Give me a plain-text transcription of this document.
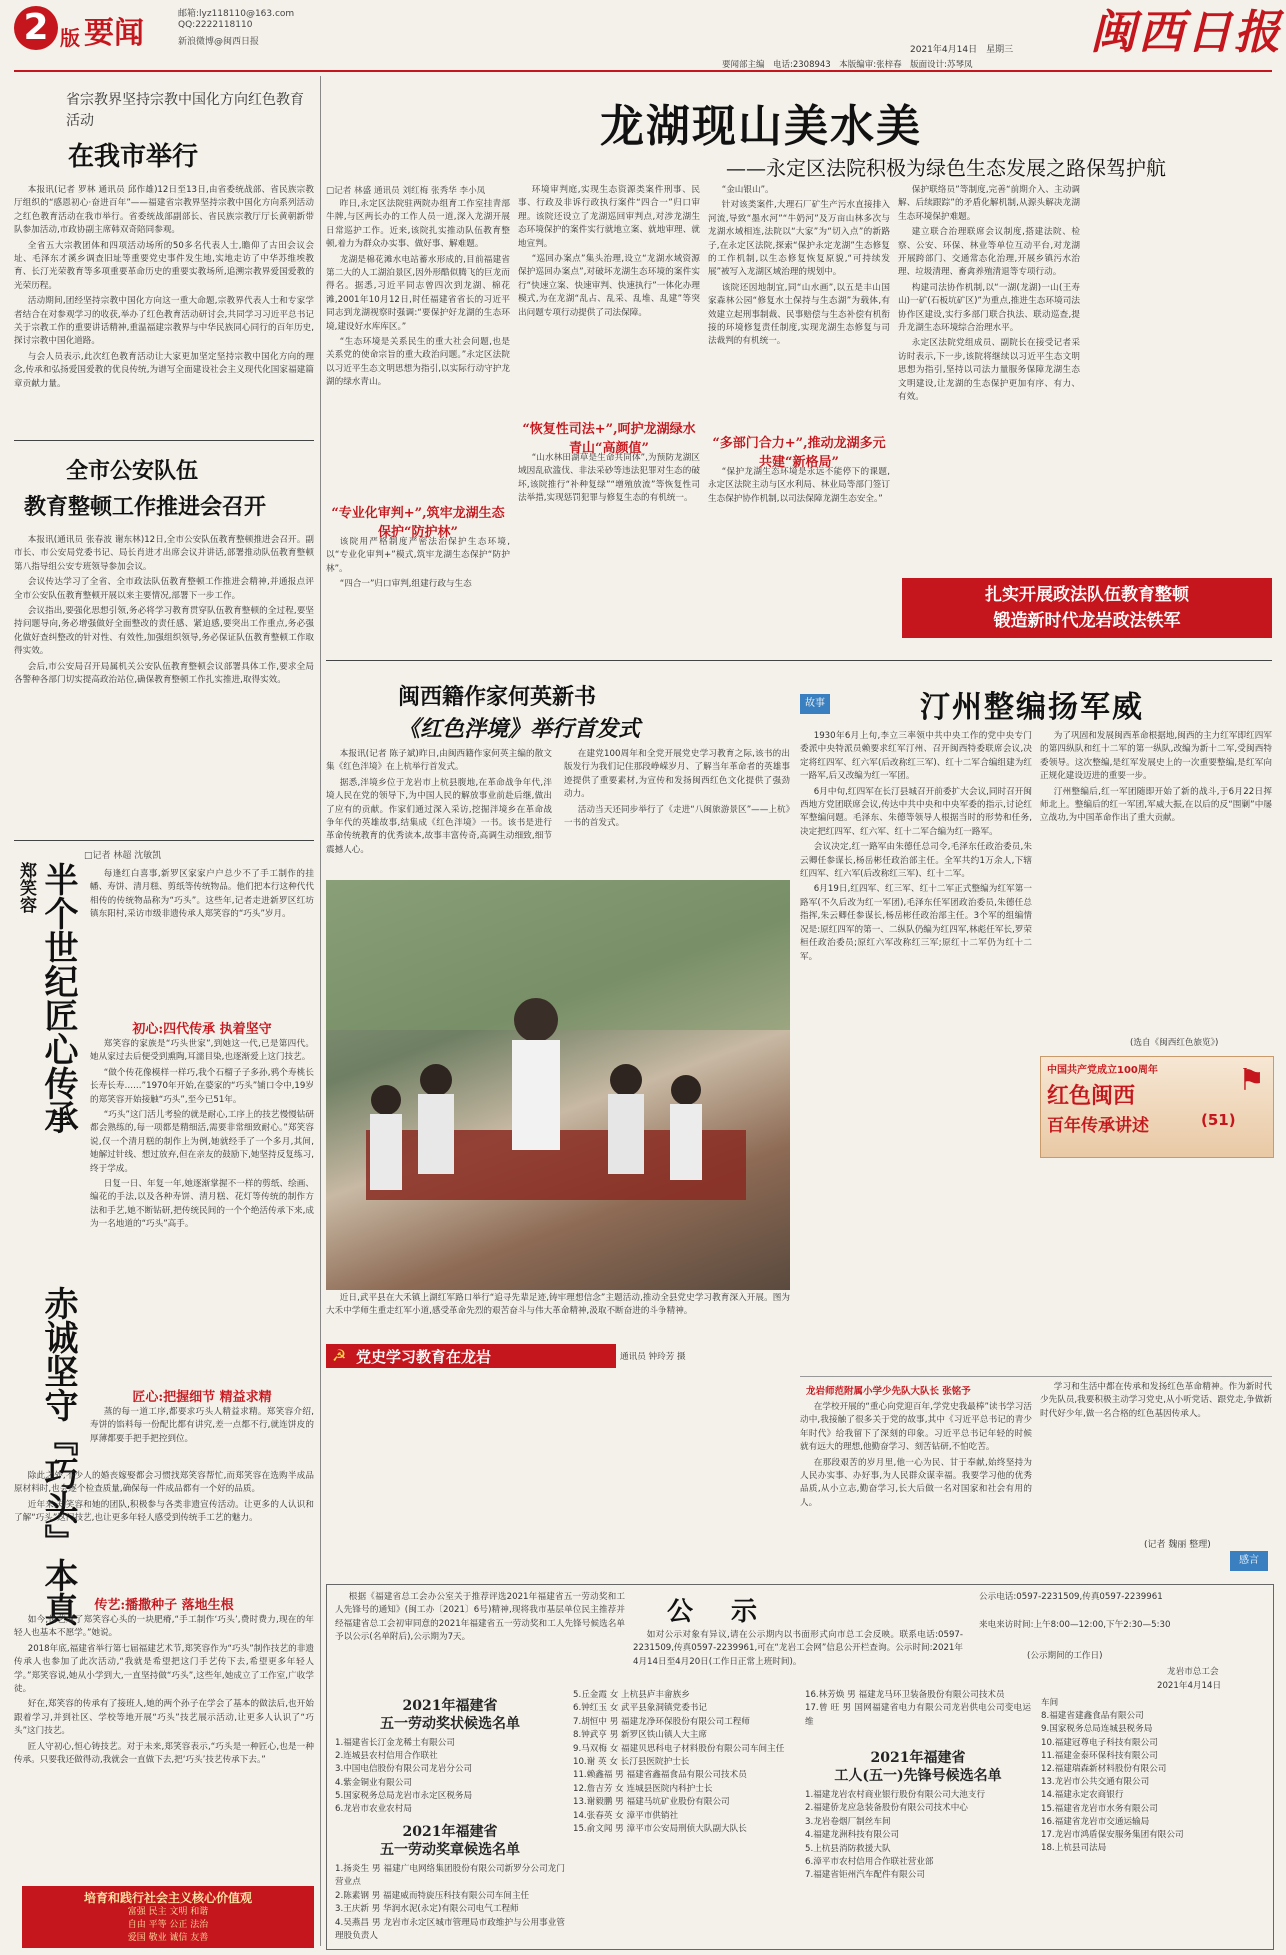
2 版 要闻
邮箱:lyz118110@163.com
QQ:2222118110
新浪微博@闽西日报
2021年4月14日　星期三
要闻部主编　电话:2308943　本版编审:张梓春　版面设计:苏琴凤
闽西日报
省宗教界坚持宗教中国化方向红色教育活动
在我市举行

本报讯(记者 罗林 通讯员 邱作雄)12日至13日,由省委统战部、省民族宗教厅组织的“感恩初心·奋进百年”——福建省宗教界坚持宗教中国化方向系列活动之红色教育活动在我市举行。省委统战部副部长、省民族宗教厅厅长黄朝新带队参加活动,市政协副主席韩双奇陪同参观。

全省五大宗教团体和四项活动场所的50多名代表人士,瞻仰了古田会议会址、毛泽东才溪乡调查旧址等重要党史事件发生地,实地走访了中华苏维埃教育、长汀光荣教育等多项重要革命历史的重要实教场所,追溯宗教界爱国爱教的光荣历程。

活动期间,团经坚持宗教中国化方向这一重大命题,宗教界代表人士和专家学者结合在对参观学习的收获,举办了红色教育活动研讨会,共同学习习近平总书记关于宗教工作的重要讲话精神,重温福建宗教界与中华民族同心同行的百年历史,探讨宗教中国化道路。

与会人员表示,此次红色教育活动让大家更加坚定坚持宗教中国化方向的理念,传承和弘扬爱国爱教的优良传统,为谱写全面建设社会主义现代化国家福建篇章贡献力量。

全市公安队伍
教育整顿工作推进会召开

本报讯(通讯员 张春波 谢东林)12日,全市公安队伍教育整顿推进会召开。副市长、市公安局党委书记、局长肖进才出席会议并讲话,部署推动队伍教育整顿第八指导组公安专班领导参加会议。

会议传达学习了全省、全市政法队伍教育整顿工作推进会精神,并通报点评全市公安队伍教育整顿开展以来主要情况,部署下一步工作。

会议指出,要强化思想引领,务必将学习教育贯穿队伍教育整顿的全过程,要坚持问题导向,务必增强做好全面整改的责任感、紧迫感,要突出工作重点,务必强化做好查纠整改的针对性、有效性,加强组织领导,务必保证队伍教育整顿工作取得实效。

会后,市公安局召开局属机关公安队伍教育整顿会议部署具体工作,要求全局各警种各部门切实提高政治站位,确保教育整顿工作扎实推进,取得实效。

□记者 林超 沈敏凯
郑笑容 半个世纪匠心传承
赤诚坚守『巧头』本真

每逢红白喜事,新罗区家家户户总少不了手工制作的挂幡、寿饼、清月糕、剪纸等传统物品。他们把本行这种代代相传的传统物品称为“巧头”。这些年,记者走进新罗区红坊镇东阳村,采访市级非遗传承人郑笑容的“巧头”岁月。

初心:四代传承 执着坚守

郑笑容的家族是“巧头世家”,到她这一代,已是第四代。她从家过去后便受到熏陶,耳濡目染,也逐渐爱上这门技艺。

“做个传花像模样一样巧,我个石榴子子多孙,鸦个寿桃长长寿长寿……”1970年开始,在婆家的“巧头”铺口令中,19岁的郑笑容开始接触“巧头”,至今已51年。

“巧头”这门活儿考验的就是耐心,工序上的技艺慢慢钻研都会熟练的,每一项都是精细活,需要非常细致耐心。”郑笑容说,仅一个清月糕的制作上为例,她就经手了一个多月,其间,她解过针线、想过放弃,但在亲友的鼓励下,她坚持反复练习,终于学成。

日复一日、年复一年,她逐渐掌握不一样的剪纸、绘画、编花的手法,以及各种寿饼、清月糕、花灯等传统的制作方法和手艺,她不断钻研,把传统民间的一个个绝活传承下来,成为一名地道的“巧头”高手。

匠心:把握细节 精益求精

蒸的每一道工序,都要求巧头人精益求精。郑笑容介绍,寿饼的馅料每一份配比都有讲究,差一点都不行,就连饼皮的厚薄都要手把手把控到位。

除此之外,不少人的婚丧嫁娶都会习惯找郑笑容帮忙,而郑笑容在选购半成品原材料时,也会逐个检查质量,确保每一件成品都有一个好的品质。

近年来,郑笑容和她的团队,积极参与各类非遗宣传活动。让更多的人认识和了解“巧头”这门技艺,也让更多年轻人感受到传统手工艺的魅力。

传艺:播撒种子 落地生根

如今,传艺成了郑笑容心头的一块肥瘠,“手工制作‘巧头’,费时费力,现在的年轻人也基本不愿学。”她说。

2018年底,福建省举行第七届福建艺术节,郑笑容作为“巧头”制作技艺的非遗传承人也参加了此次活动,“我就是希望把这门手艺传下去,希望更多年轻人学。”郑笑容说,她从小学到大,一直坚持做“巧头”,这些年,她成立了工作室,广收学徒。

好在,郑笑容的传承有了接班人,她的两个孙子在学会了基本的做法后,也开始跟着学习,并到社区、学校等地开展“巧头”技艺展示活动,让更多人认识了“巧头”这门技艺。

匠人守初心,恒心铸技艺。对于未来,郑笑容表示,“巧头是一种匠心,也是一种传承。只要我还做得动,我就会一直做下去,把‘巧头’技艺传承下去。”

培育和践行社会主义核心价值观
富强 民主 文明 和谐
自由 平等 公正 法治
爱国 敬业 诚信 友善
龙湖现山美水美
——永定区法院积极为绿色生态发展之路保驾护航
□记者 林盛 通讯员 刘红梅 张秀华 李小凤

昨日,永定区法院驻两院办组育工作室挂青部牛牌,与区两长办的工作人员一道,深入龙湖开展日常巡护工作。近来,该院扎实推动队伍教育整顿,着力为群众办实事、做好事、解难题。

龙湖是棉花滩水电站蓄水形成的,目前福建省第二大的人工湖泊景区,因外形酷似腾飞的巨龙而得名。据悉,习近平同志曾四次到龙湖、棉花滩,2001年10月12日,时任福建省省长的习近平同志到龙湖视察时强调:“要保护好龙湖的生态环境,建设好水库库区。”

“生态环境是关系民生的重大社会问题,也是关系党的使命宗旨的重大政治问题。”永定区法院以习近平生态文明思想为指引,以实际行动守护龙湖的绿水青山。

“专业化审判+”,筑牢龙湖生态保护“防护林”

该院用严格制度严密法治保护生态环境,以“专业化审判+”模式,筑牢龙湖生态保护“防护林”。

“四合一”归口审判,组建行政与生态

环境审判庭,实现生态资源类案件刑事、民事、行政及非诉行政执行案件“四合一”归口审理。该院还设立了龙湖巡回审判点,对涉龙湖生态环境保护的案件实行就地立案、就地审理、就地宣判。

“巡回办案点”集头治理,设立“龙湖水域资源保护巡回办案点”,对破坏龙湖生态环境的案件实行“快速立案、快速审判、快速执行”一体化办理模式,为在龙湖“乱占、乱采、乱堆、乱建”等突出问题专项行动提供了司法保障。

“恢复性司法+”,呵护龙湖绿水青山“高颜值”

“山水林田湖草是生命共同体”,为预防龙湖区域因乱砍滥伐、非法采砂等违法犯罪对生态的破坏,该院推行“补种复绿”“增殖放流”等恢复性司法举措,实现惩罚犯罪与修复生态的有机统一。

“金山银山”。

针对该类案件,大理石厂矿生产污水直接排入河流,导致“墨水河”“牛奶河”及万亩山林多次与龙湖水域相连,法院以“大家”为“切入点”的新路子,在永定区法院,探索“保护永定龙湖”生态修复的工作机制,以生态修复恢复原貌,“可持续发展”被写入龙湖区域治理的规划中。

该院还因地制宜,同“山水画”,以五是丰山国家森林公园“修复水土保持与生态湖”为载体,有效建立起刑事制裁、民事赔偿与生态补偿有机衔接的环境修复责任制度,实现龙湖生态修复与司法裁判的有机统一。

“多部门合力+”,推动龙湖多元共建“新格局”

“保护龙湖生态环境是永远不能停下的课题,永定区法院主动与区水利局、林业局等部门签订生态保护协作机制,以司法保障龙湖生态安全。”

保护联络员”等制度,完善“前期介入、主动调解、后续跟踪”的矛盾化解机制,从源头解决龙湖生态环境保护难题。

建立联合治理联席会议制度,搭建法院、检察、公安、环保、林业等单位互动平台,对龙湖开展跨部门、交通常态化治理,开展乡镇污水治理、垃圾清理、畜禽养殖清退等专项行动。

构建司法协作机制,以“一湖(龙湖)一山(王寿山)一矿(石板坑矿区)”为重点,推进生态环境司法协作区建设,实行多部门联合执法、联动巡查,提升龙湖生态环境综合治理水平。

永定区法院党组成员、副院长在接受记者采访时表示,下一步,该院将继续以习近平生态文明思想为指引,坚持以司法力量服务保障龙湖生态文明建设,让龙湖的生态保护更加有序、有力、有效。

扎实开展政法队伍教育整顿
锻造新时代龙岩政法铁军
闽西籍作家何英新书
《红色泮境》举行首发式

本报讯(记者 陈子斌)昨日,由闽西籍作家何英主编的散文集《红色泮境》在上杭举行首发式。

据悉,泮境乡位于龙岩市上杭县腹地,在革命战争年代,泮境人民在党的领导下,为中国人民的解放事业前赴后继,做出了应有的贡献。作家们通过深入采访,挖掘泮境乡在革命战争年代的英雄故事,结集成《红色泮境》一书。该书是进行革命传统教育的优秀读本,故事丰富传奇,高调生动细致,细节震撼人心。

在建党100周年和全党开展党史学习教育之际,该书的出版发行为我们记住那段峥嵘岁月、了解当年革命者的英雄事迹提供了重要素材,为宣传和发扬闽西红色文化提供了强劲动力。

活动当天还同步举行了《走进“八闽旅游景区”——上杭》一书的首发式。

近日,武平县在大禾镇上湖红军路口举行“追寻先辈足迹,铸牢理想信念”主题活动,推动全县党史学习教育深入开展。图为大禾中学师生重走红军小道,感受革命先烈的艰苦奋斗与伟大革命精神,汲取不断奋进的斗争精神。
通讯员 钟玲芳 摄
☭ 党史学习教育在龙岩
故事	汀州整编扬军威

1930年6月上旬,李立三率领中共中央工作的党中央专门委派中央特派员赖要求红军汀州、召开闽西特委联席会议,决定将红四军、红六军(后改称红三军)、红十二军合编组建为红一路军,后又改编为红一军团。

6月中旬,红四军在长汀县城召开前委扩大会议,同时召开闽西地方党团联席会议,传达中共中央和中央军委的指示,讨论红军整编问题。毛泽东、朱德等领导人根据当时的形势和任务,决定把红四军、红六军、红十二军合编为红一路军。

会议决定,红一路军由朱德任总司令,毛泽东任政治委员,朱云卿任参谋长,杨岳彬任政治部主任。全军共约1万余人,下辖红四军、红六军(后改称红三军)、红十二军。

6月19日,红四军、红三军、红十二军正式整编为红军第一路军(不久后改为红一军团),毛泽东任军团政治委员,朱德任总指挥,朱云卿任参谋长,杨岳彬任政治部主任。3个军的组编情况是:原红四军的第一、二纵队仍编为红四军,林彪任军长,罗荣桓任政治委员;原红六军改称红三军;原红十二军仍为红十二军。

为了巩固和发展闽西革命根据地,闽西的主力红军即红四军的第四纵队和红十二军的第一纵队,改编为新十二军,受闽西特委领导。这次整编,是红军发展史上的一次重要整编,是红军向正规化建设迈进的重要一步。

汀州整编后,红一军团随即开始了新的战斗,于6月22日挥师北上。整编后的红一军团,军威大振,在以后的反“围剿”中屡立战功,为中国革命作出了重大贡献。

(选自《闽西红色旅览》)
中国共产党成立100周年
红色闽西
百年传承讲述	(51)
⚑
龙岩师范附属小学少先队大队长 张铭予

在学校开展的“重心向党迎百年,学党史我最棒”读书学习活动中,我接触了很多关于党的故事,其中《习近平总书记的青少年时代》给我留下了深刻的印象。习近平总书记年轻的时候就有远大的理想,他勤奋学习、刻苦钻研,不怕吃苦。

在那段艰苦的岁月里,他一心为民、甘于奉献,始终坚持为人民办实事、办好事,为人民群众谋幸福。我要学习他的优秀品质,从小立志,勤奋学习,长大后做一名对国家和社会有用的人。

学习和生活中都在传承和发扬红色革命精神。作为新时代少先队员,我要积极主动学习党史,从小听党话、跟党走,争做新时代好少年,做一名合格的红色基因传承人。

(记者 魏丽 整理)
感言
公　示

根据《福建省总工会办公室关于推荐评选2021年福建省五一劳动奖和工人先锋号的通知》(闽工办〔2021〕6号)精神,现将我市基层单位民主推荐并经福建省总工会初审同意的2021年福建省五一劳动奖和工人先锋号候选名单予以公示(名单附后),公示期为7天。	如对公示对象有异议,请在公示期内以书面形式向市总工会反映。联系电话:0597-2231509,传真0597-2239961,可在“龙岩工会网”信息公开栏查询。公示时间:2021年4月14日至4月20日(工作日正常上班时间)。

公示电话:0597-2231509,传真0597-2239961
来电来访时间:上午8:00—12:00,下午2:30—5:30
(公示期间的工作日)
龙岩市总工会
2021年4月14日
2021年福建省
五一劳动奖状候选名单
1.福建省长汀金龙稀土有限公司
2.连城县农村信用合作联社
3.中国电信股份有限公司龙岩分公司
4.紫金铜业有限公司
5.国家税务总局龙岩市永定区税务局
6.龙岩市农业农村局
2021年福建省
五一劳动奖章候选名单
1.扬炎生 男 福建广电网络集团股份有限公司新罗分公司龙门营业点
2.陈素钢 男 福建威而特旋压科技有限公司车间主任
3.王庆新 男 华润水泥(永定)有限公司电气工程师
4.吴燕昌 男 龙岩市永定区城市管理局市政维护与公用事业管理股负责人
5.丘金霞 女 上杭县庐丰畲族乡
6.钟红玉 女 武平县象洞镇党委书记
7.胡恒中 男 福建龙净环保股份有限公司工程师
8.钟武亨 男 新罗区铁山镇人大主席
9.马双梅 女 福建贝思科电子材料股份有限公司车间主任
10.谢 英 女 长汀县医院护士长
11.赖鑫福 男 福建省鑫福食品有限公司技术员
12.詹吉芳 女 连城县医院内科护士长
13.谢毅鹏 男 福建马坑矿业股份有限公司
14.张春英 女 漳平市供销社
15.俞文闻 男 漳平市公安局刑侦大队副大队长
16.林芳焕 男 福建龙马环卫装备股份有限公司技术员
17.曾 旺 男 国网福建省电力有限公司龙岩供电公司变电运维
2021年福建省
工人(五一)先锋号候选名单
1.福建龙岩农村商业银行股份有限公司大池支行
2.福建侨龙应急装备股份有限公司技术中心
3.龙岩卷烟厂制丝车间
4.福建龙洲科技有限公司
5.上杭县消防救援大队
6.漳平市农村信用合作联社营业部
7.福建省钜州汽车配件有限公司
车间
8.福建省建鑫食品有限公司
9.国家税务总局连城县税务局
10.福建冠尊电子科技有限公司
11.福建金泰环保科技有限公司
12.福建瑞森新材料股份有限公司
13.龙岩市公共交通有限公司
14.福建永定农商银行
15.福建省龙岩市水务有限公司
16.福建省龙岩市交通运输局
17.龙岩市鸿盾保安服务集团有限公司
18.上杭县司法局
